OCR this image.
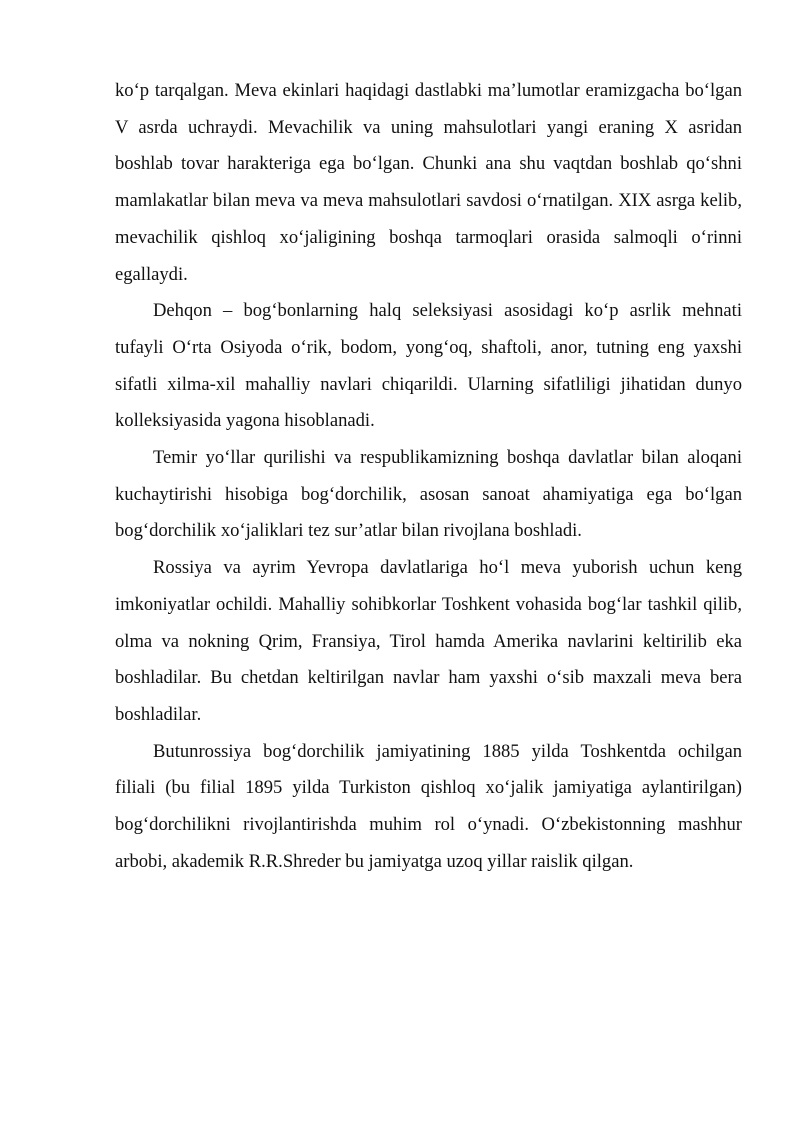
ko‘p tarqalgan. Meva ekinlari haqidagi dastlabki ma’lumotlar eramizgacha bo‘lgan V asrda uchraydi. Mevachilik va uning mahsulotlari yangi eraning X asridan boshlab tovar harakteriga ega bo‘lgan. Chunki ana shu vaqtdan boshlab qo‘shni mamlakatlar bilan meva va meva mahsulotlari savdosi o‘rnatilgan. XIX asrga kelib, mevachilik qishloq xo‘jaligining boshqa tarmoqlari orasida salmoqli o‘rinni egallaydi.

Dehqon – bog‘bonlarning halq seleksiyasi asosidagi ko‘p asrlik mehnati tufayli O‘rta Osiyoda o‘rik, bodom, yong‘oq, shaftoli, anor, tutning eng yaxshi sifatli xilma-xil mahalliy navlari chiqarildi. Ularning sifatliligi jihatidan dunyo kolleksiyasida yagona hisoblanadi.

Temir yo‘llar qurilishi va respublikamizning boshqa davlatlar bilan aloqani kuchaytirishi hisobiga bog‘dorchilik, asosan sanoat ahamiyatiga ega bo‘lgan bog‘dorchilik xo‘jaliklari tez sur’atlar bilan rivojlana boshladi.

Rossiya va ayrim Yevropa davlatlariga ho‘l meva yuborish uchun keng imkoniyatlar ochildi. Mahalliy sohibkorlar Toshkent vohasida bog‘lar tashkil qilib, olma va nokning Qrim, Fransiya, Tirol hamda Amerika navlarini keltirilib eka boshladilar. Bu chetdan keltirilgan navlar ham yaxshi o‘sib maxzali meva bera boshladilar.

Butunrossiya bog‘dorchilik jamiyatining 1885 yilda Toshkentda ochilgan filiali (bu filial 1895 yilda Turkiston qishloq xo‘jalik jamiyatiga aylantirilgan) bog‘dorchilikni rivojlantirishda muhim rol o‘ynadi. O‘zbekistonning mashhur arbobi, akademik R.R.Shreder bu jamiyatga uzoq yillar raislik qilgan.
